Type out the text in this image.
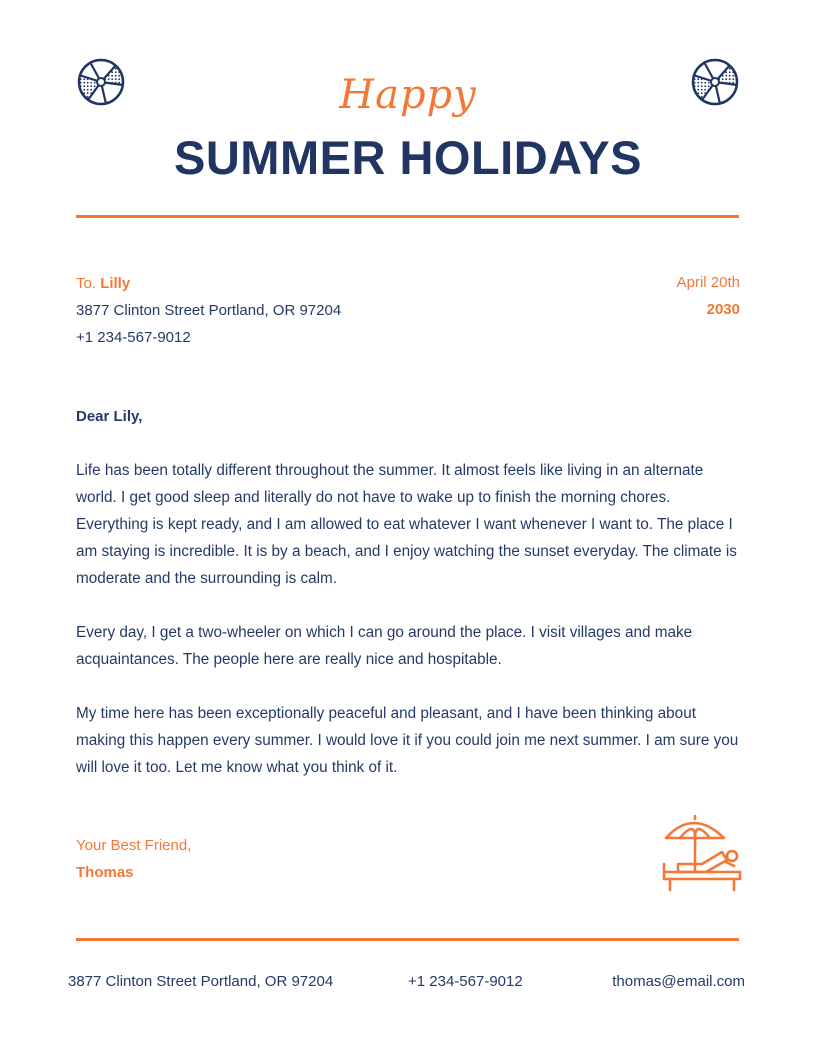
Happy
SUMMER HOLIDAYS
To. Lilly
3877 Clinton Street Portland, OR 97204
+1 234-567-9012
April 20th
2030
Dear Lily,

Life has been totally different throughout the summer. It almost feels like living in an alternate world. I get good sleep and literally do not have to wake up to finish the morning chores. Everything is kept ready, and I am allowed to eat whatever I want whenever I want to. The place I am staying is incredible. It is by a beach, and I enjoy watching the sunset everyday. The climate is moderate and the surrounding is calm.

Every day, I get a two-wheeler on which I can go around the place. I visit villages and make acquaintances. The people here are really nice and hospitable.

My time here has been exceptionally peaceful and pleasant, and I have been thinking about making this happen every summer. I would love it if you could join me next summer. I am sure you will love it too. Let me know what you think of it.

Your Best Friend,
Thomas
3877 Clinton Street Portland, OR 97204	+1 234-567-9012	thomas@email.com
